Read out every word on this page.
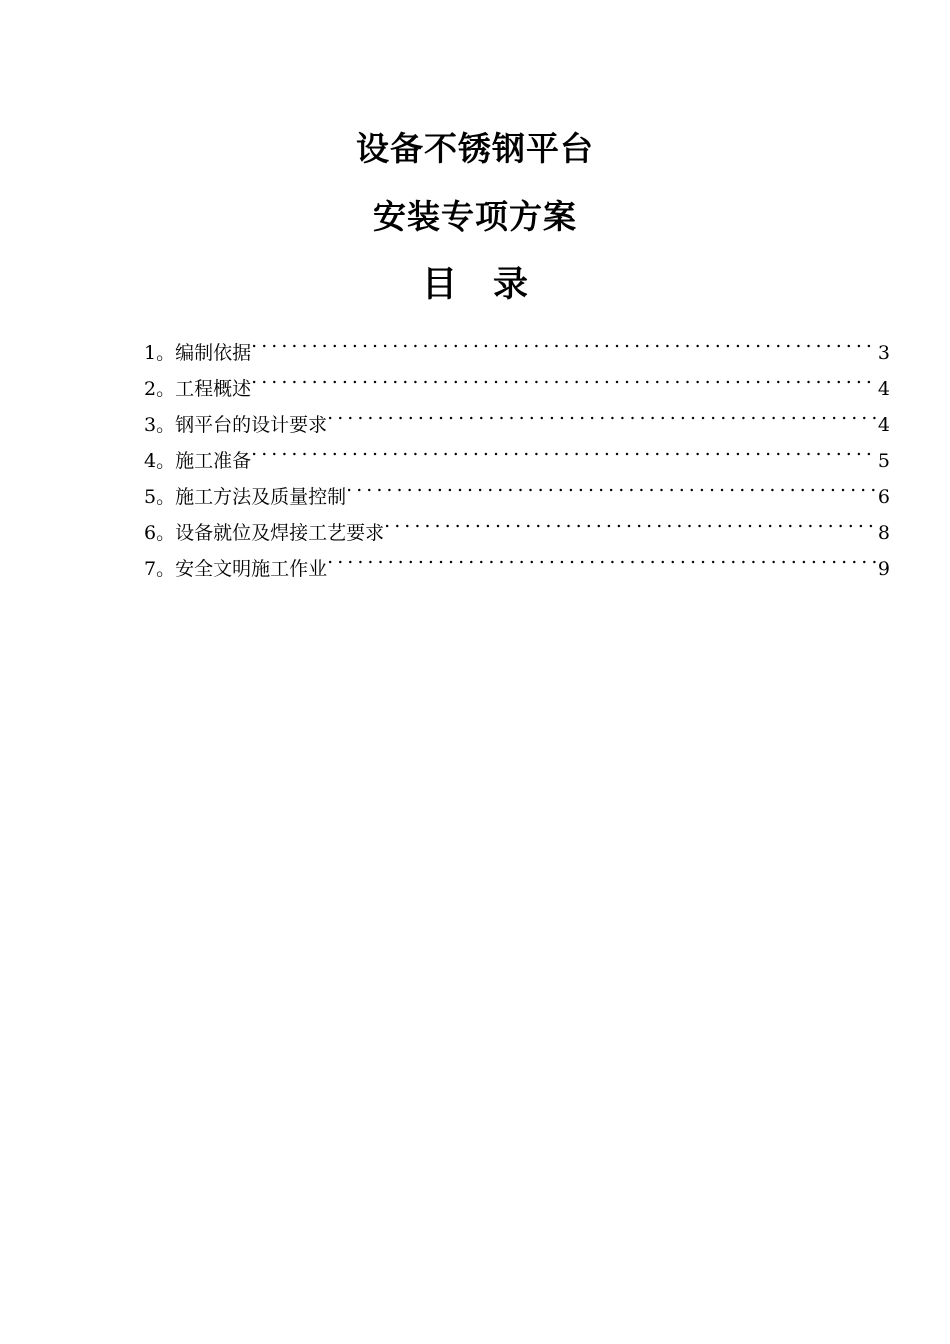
设备不锈钢平台
安装专项方案
目 录
1。编制依据 . . .	3
2。工程概述 . . .	4
3。钢平台的设计要求 . . .	4
4。施工准备 . . .	5
5。施工方法及质量控制 . . .	6
6。设备就位及焊接工艺要求 . . .	8
7。安全文明施工作业 . . .	9
